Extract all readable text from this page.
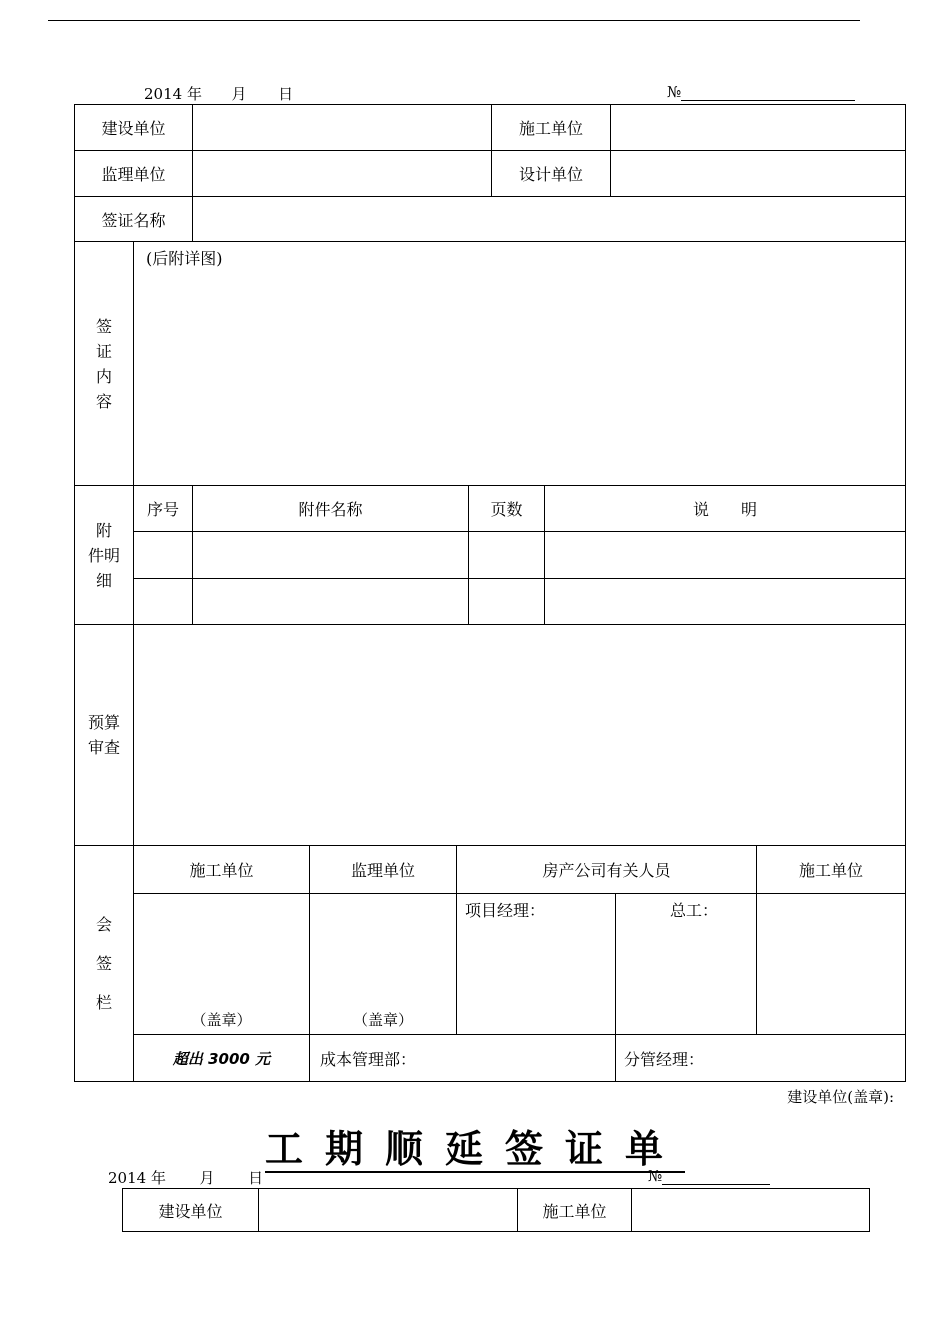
2014 年 月 日	№
建设单位		施工单位	
监理单位		设计单位	
签证名称			
签
证
内
容	(后附详图)			

附
件明
细	序号	附件名称	页数	说　　明

预算
审查				

会
签
栏	施工单位	监理单位	房产公司有关人员		施工单位

	（盖章）	（盖章）	项目经理：	总工：	
	超出 3000 元	成本管理部：		分管经理：	
建设单位(盖章):
工期顺延签证单
2014 年 月 日	№
建设单位		施工单位	
